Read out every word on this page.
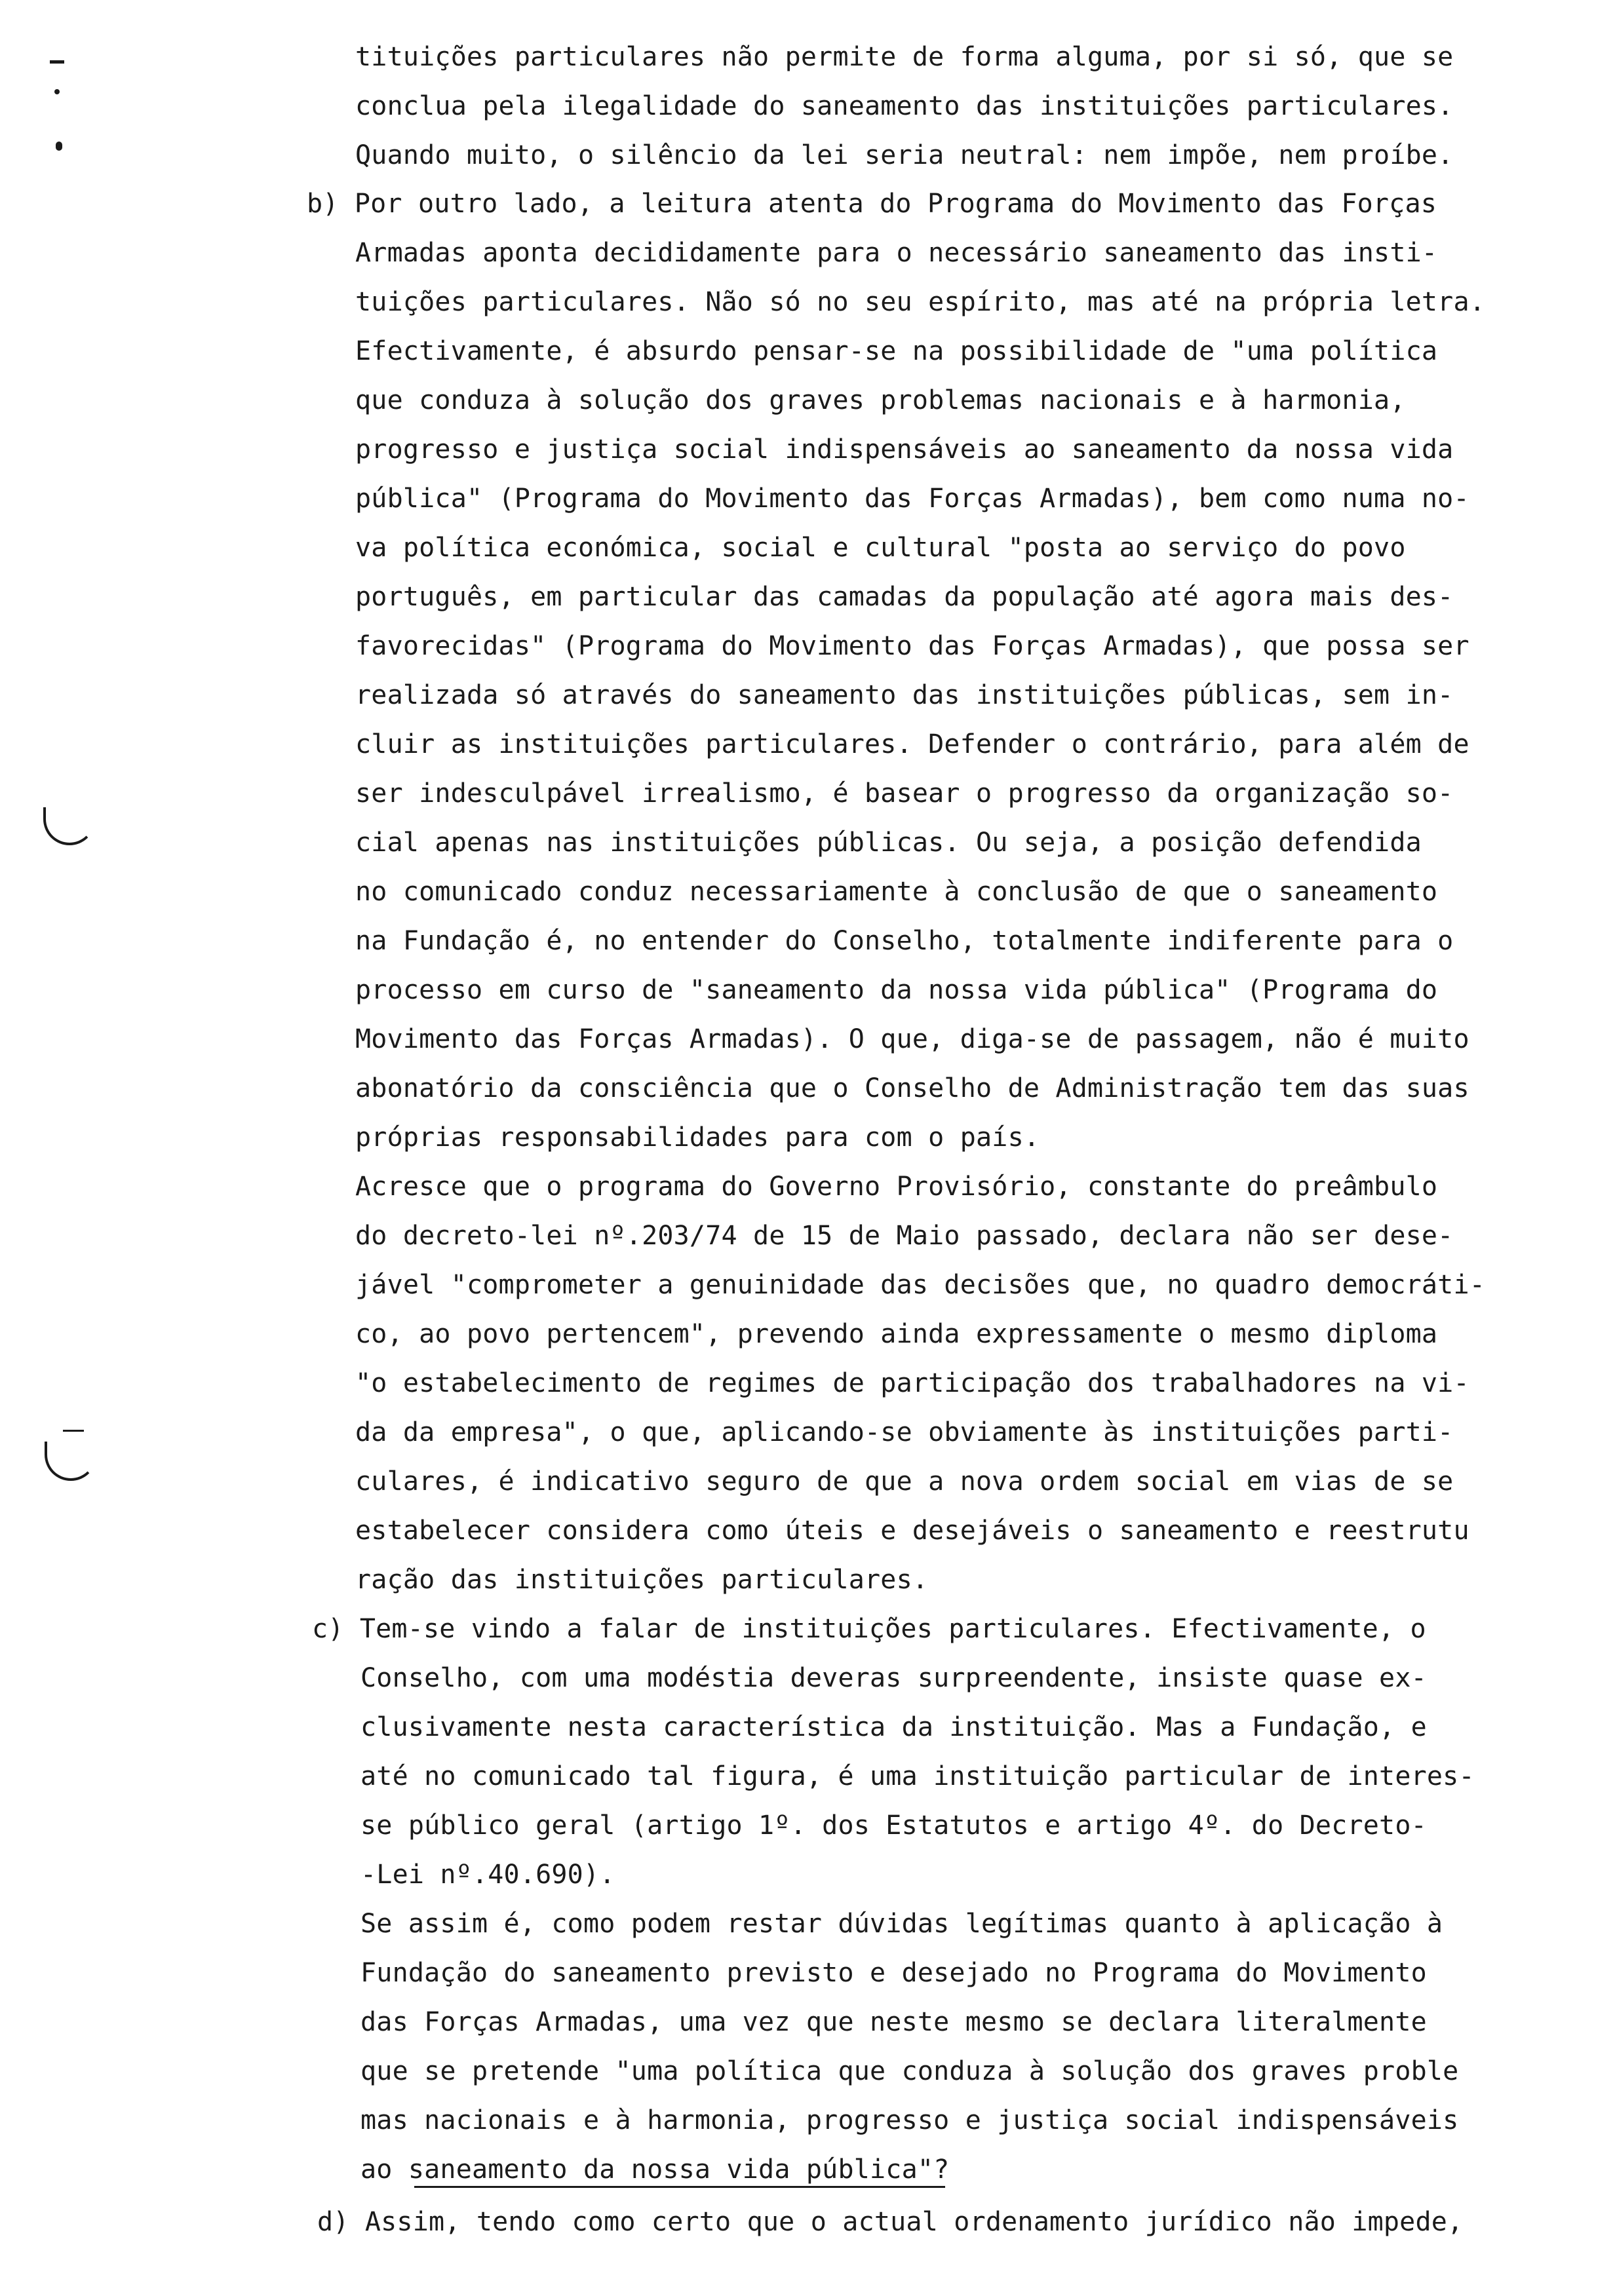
tituições particulares não permite de forma alguma, por si só, que se
conclua pela ilegalidade do saneamento das instituições particulares.
Quando muito, o silêncio da lei seria neutral: nem impõe, nem proíbe.
b) Por outro lado, a leitura atenta do Programa do Movimento das Forças
Armadas aponta decididamente para o necessário saneamento das insti-
tuições particulares. Não só no seu espírito, mas até na própria letra.
Efectivamente, é absurdo pensar-se na possibilidade de "uma política
que conduza à solução dos graves problemas nacionais e à harmonia,
progresso e justiça social indispensáveis ao saneamento da nossa vida
pública" (Programa do Movimento das Forças Armadas), bem como numa no-
va política económica, social e cultural "posta ao serviço do povo
português, em particular das camadas da população até agora mais des-
favorecidas" (Programa do Movimento das Forças Armadas), que possa ser
realizada só através do saneamento das instituições públicas, sem in-
cluir as instituições particulares. Defender o contrário, para além de
ser indesculpável irrealismo, é basear o progresso da organização so-
cial apenas nas instituições públicas. Ou seja, a posição defendida
no comunicado conduz necessariamente à conclusão de que o saneamento
na Fundação é, no entender do Conselho, totalmente indiferente para o
processo em curso de "saneamento da nossa vida pública" (Programa do
Movimento das Forças Armadas). O que, diga-se de passagem, não é muito
abonatório da consciência que o Conselho de Administração tem das suas
próprias responsabilidades para com o país.
Acresce que o programa do Governo Provisório, constante do preâmbulo
do decreto-lei nº.203/74 de 15 de Maio passado, declara não ser dese-
jável "comprometer a genuinidade das decisões que, no quadro democráti-
co, ao povo pertencem", prevendo ainda expressamente o mesmo diploma
"o estabelecimento de regimes de participação dos trabalhadores na vi-
da da empresa", o que, aplicando-se obviamente às instituições parti-
culares, é indicativo seguro de que a nova ordem social em vias de se
estabelecer considera como úteis e desejáveis o saneamento e reestrutu
ração das instituições particulares.
c) Tem-se vindo a falar de instituições particulares. Efectivamente, o
Conselho, com uma modéstia deveras surpreendente, insiste quase ex-
clusivamente nesta característica da instituição. Mas a Fundação, e
até no comunicado tal figura, é uma instituição particular de interes-
se público geral (artigo 1º. dos Estatutos e artigo 4º. do Decreto-
-Lei nº.40.690).
Se assim é, como podem restar dúvidas legítimas quanto à aplicação à
Fundação do saneamento previsto e desejado no Programa do Movimento
das Forças Armadas, uma vez que neste mesmo se declara literalmente
que se pretende "uma política que conduza à solução dos graves proble
mas nacionais e à harmonia, progresso e justiça social indispensáveis
ao saneamento da nossa vida pública"?
d) Assim, tendo como certo que o actual ordenamento jurídico não impede,
